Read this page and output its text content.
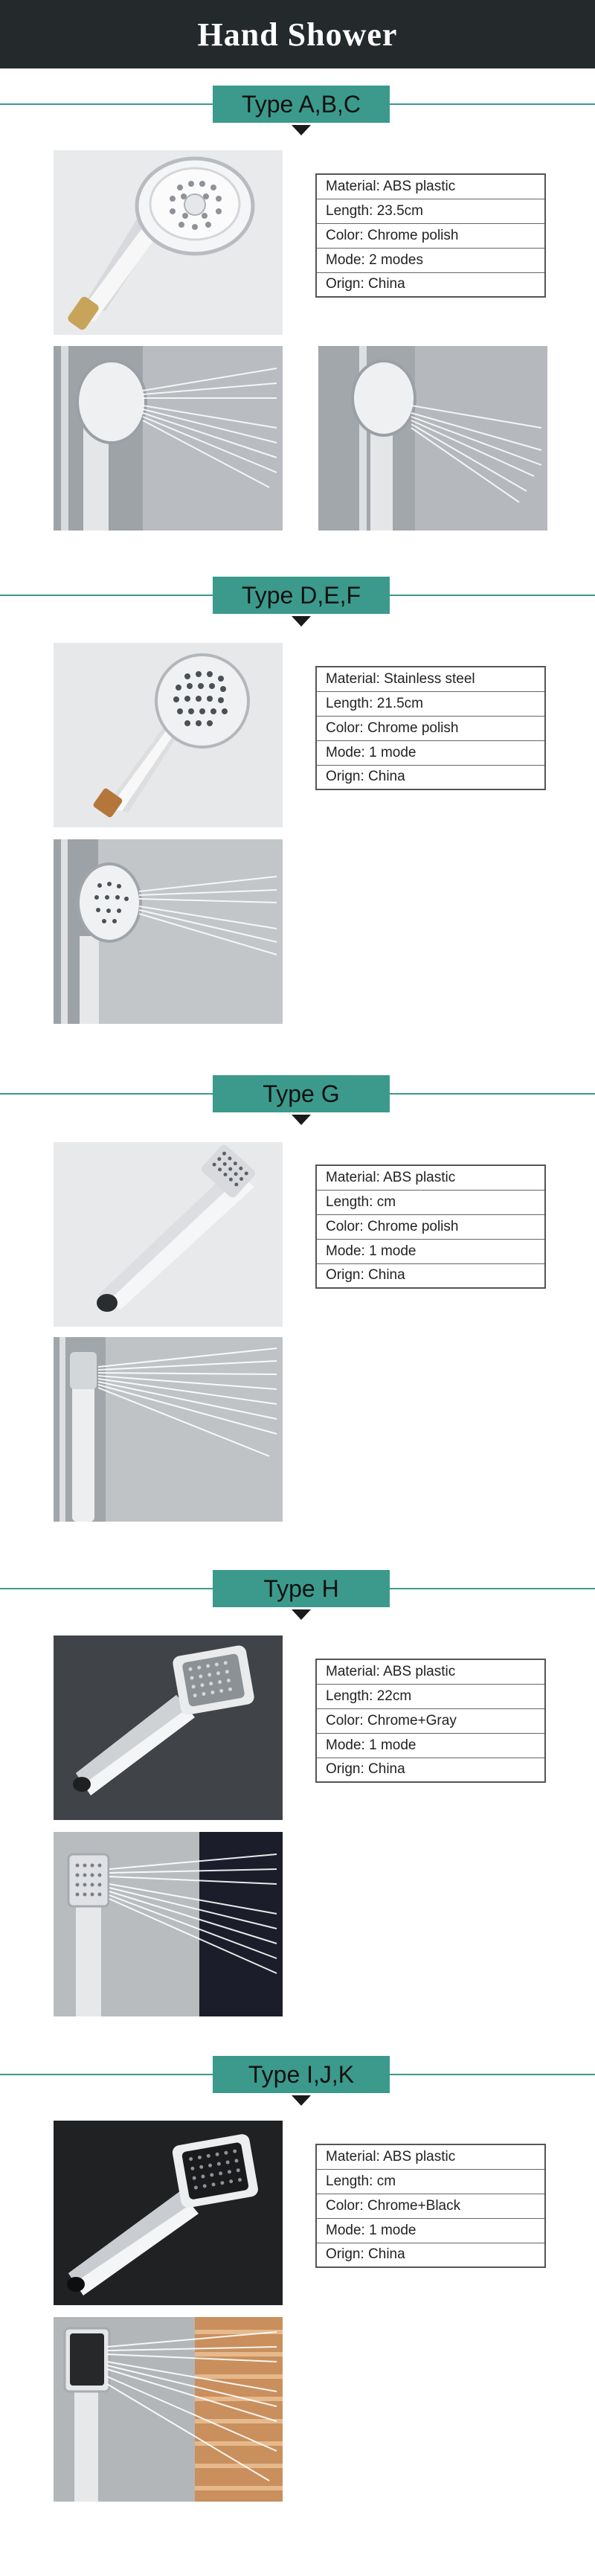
Hand Shower
Type A,B,C
Material: ABS plastic
Length: 23.5cm
Color: Chrome polish
Mode: 2 modes
Orign: China
Type D,E,F
Material: Stainless steel
Length: 21.5cm
Color: Chrome polish
Mode: 1 mode
Orign: China
Type G
Material: ABS plastic
Length: cm
Color: Chrome polish
Mode: 1 mode
Orign: China
Type H
Material: ABS plastic
Length: 22cm
Color: Chrome+Gray
Mode: 1 mode
Orign: China
Type I,J,K
Material: ABS plastic
Length: cm
Color: Chrome+Black
Mode: 1 mode
Orign: China
